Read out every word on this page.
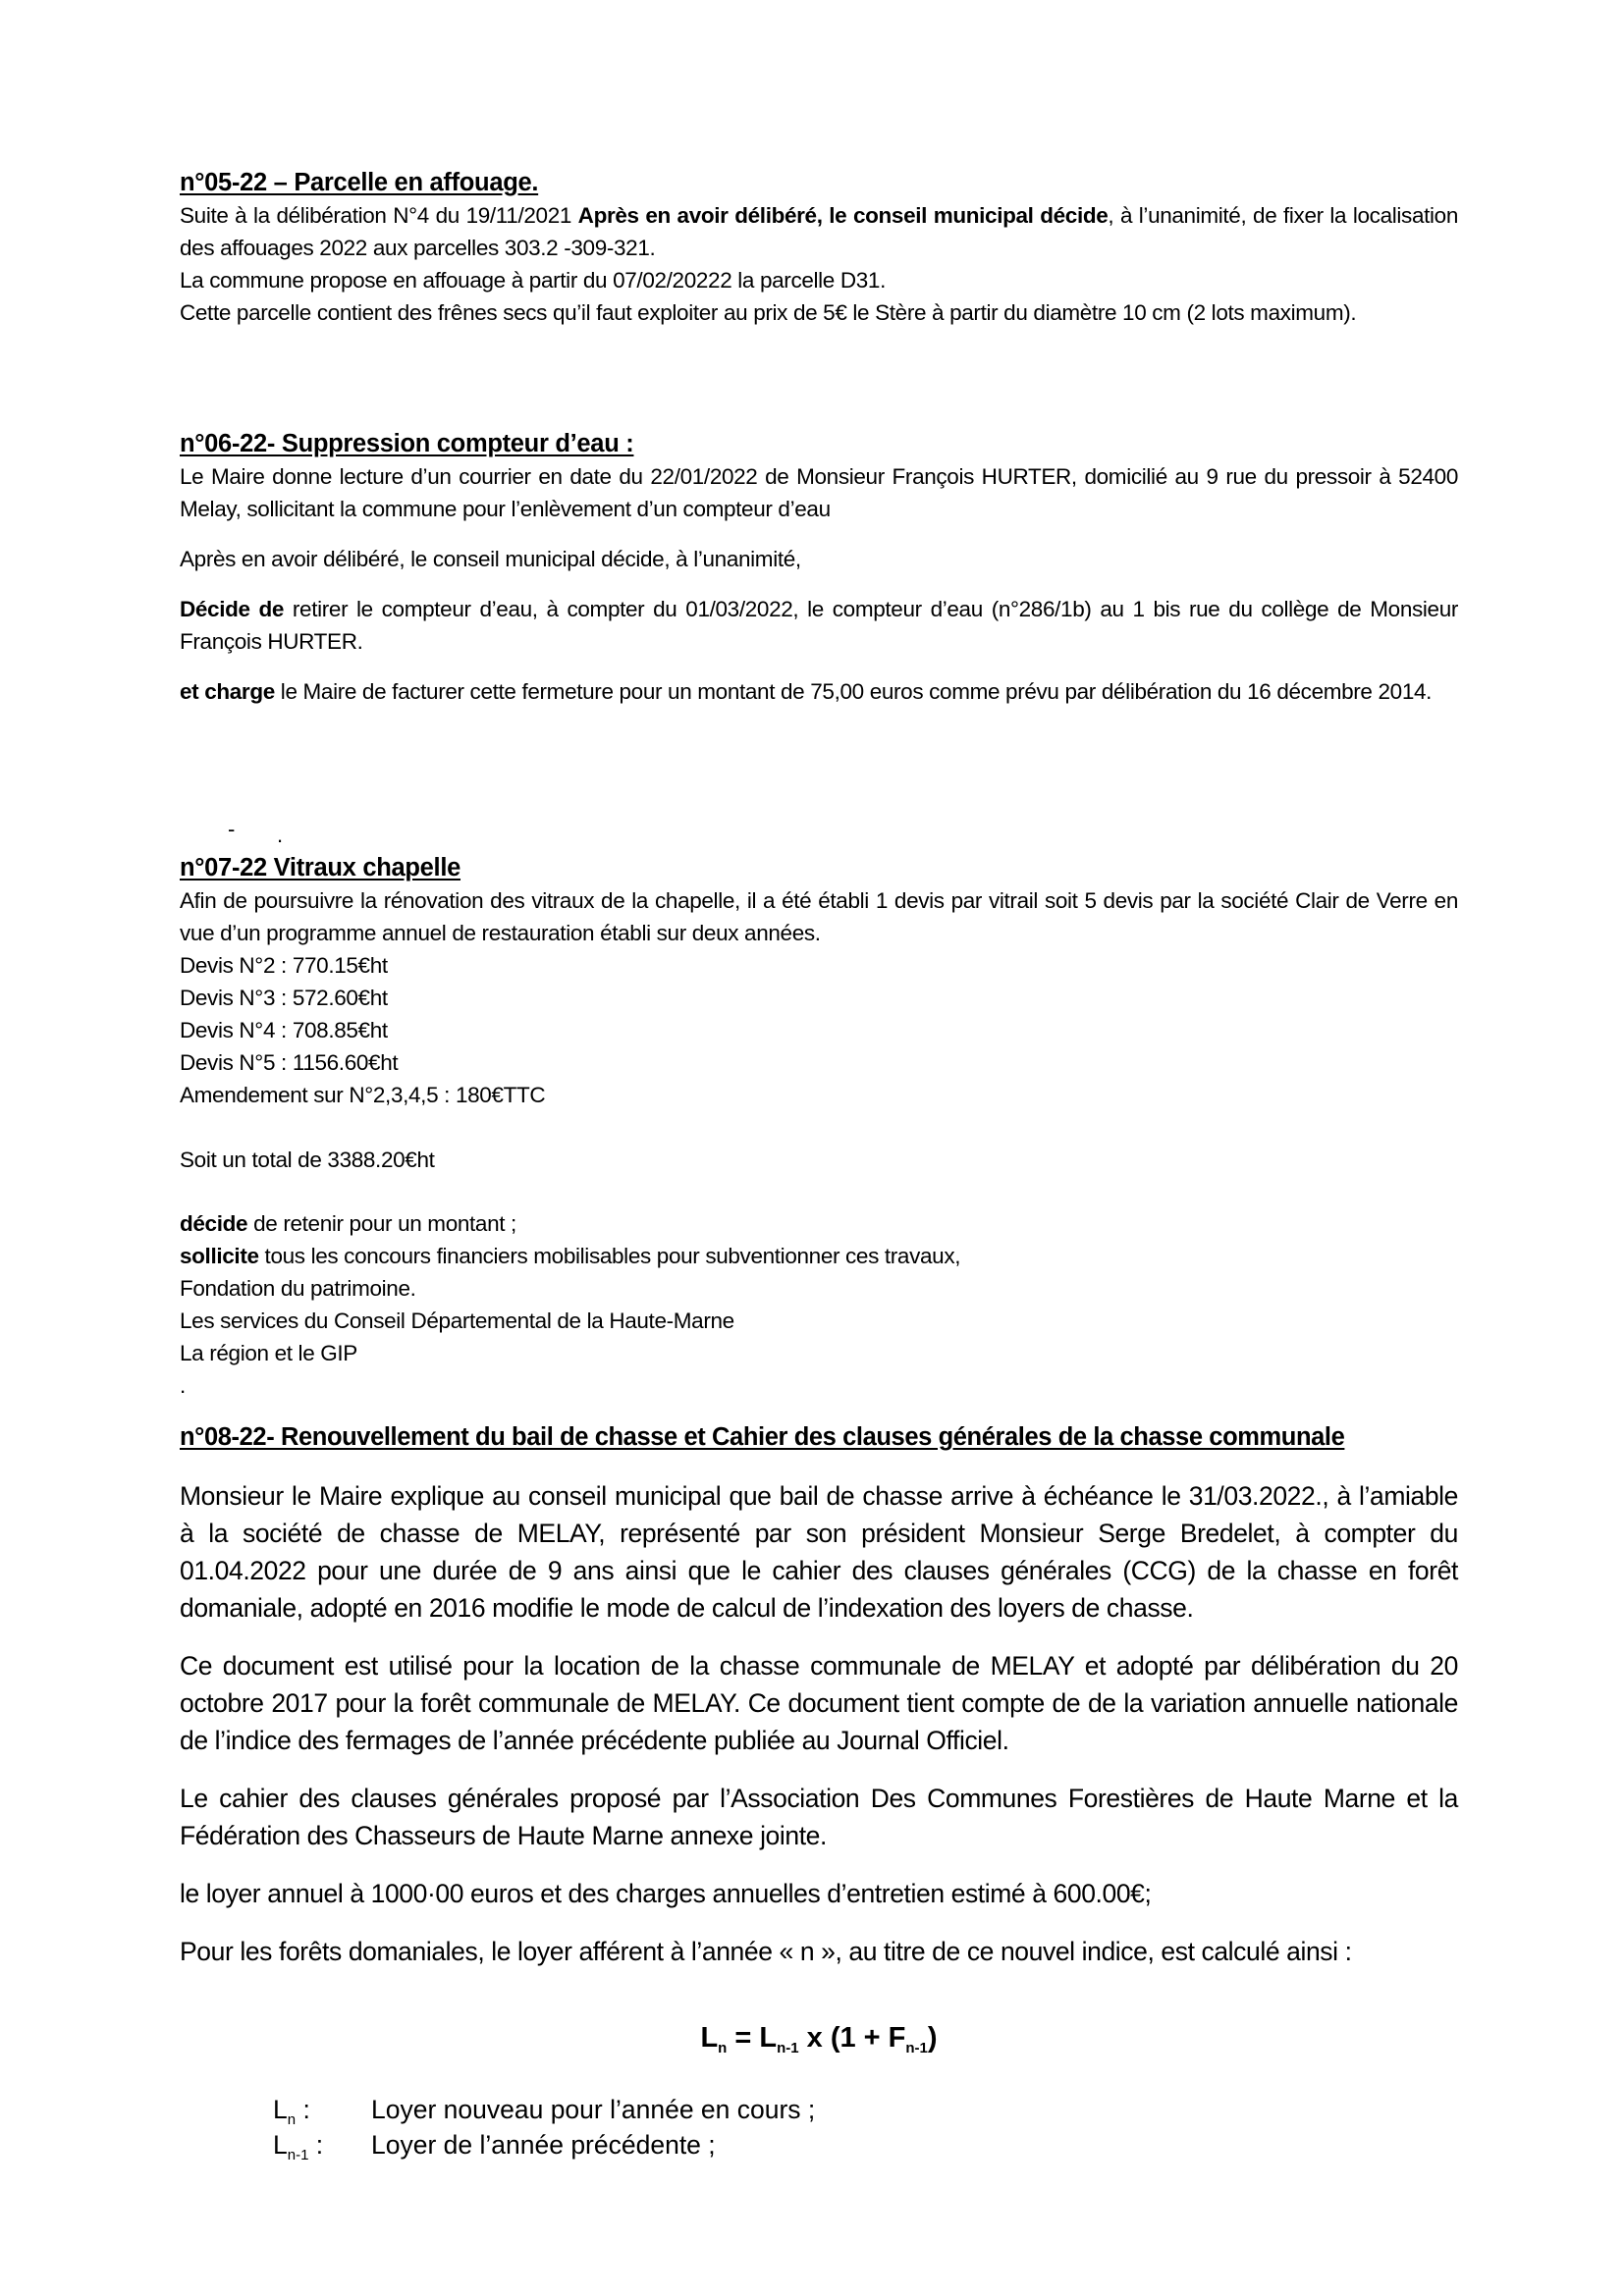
n°05-22 – Parcelle en affouage.

Suite à la délibération N°4 du 19/11/2021 Après en avoir délibéré, le conseil municipal décide, à l’unanimité, de fixer la localisation des affouages 2022 aux parcelles 303.2 -309-321.

La commune propose en affouage à partir du 07/02/20222 la parcelle D31.

Cette parcelle contient des frênes secs qu’il faut exploiter au prix de 5€ le Stère à partir du diamètre 10 cm (2 lots maximum).

n°06-22- Suppression compteur d’eau :

Le Maire donne lecture d’un courrier en date du 22/01/2022 de Monsieur François HURTER, domicilié au 9 rue du pressoir à 52400 Melay, sollicitant la commune pour l’enlèvement d’un compteur d’eau

Après en avoir délibéré, le conseil municipal décide, à l’unanimité,

Décide de retirer le compteur d’eau, à compter du 01/03/2022, le compteur d’eau (n°286/1b) au 1 bis rue du collège de Monsieur François HURTER.

et charge le Maire de facturer cette fermeture pour un montant de 75,00 euros comme prévu par délibération du 16 décembre 2014.

- .
n°07-22 Vitraux chapelle

Afin de poursuivre la rénovation des vitraux de la chapelle, il a été établi 1 devis par vitrail soit 5 devis par la société Clair de Verre en vue d’un programme annuel de restauration établi sur deux années.

Devis N°2 : 770.15€ht

Devis N°3 : 572.60€ht

Devis N°4 : 708.85€ht

Devis N°5 : 1156.60€ht

Amendement sur N°2,3,4,5 : 180€TTC

Soit un total de 3388.20€ht

décide de retenir pour un montant ;

sollicite tous les concours financiers mobilisables pour subventionner ces travaux,

Fondation du patrimoine.

Les services du Conseil Départemental de la Haute-Marne

La région et le GIP

.

n°08-22- Renouvellement du bail de chasse et Cahier des clauses générales de la chasse communale

Monsieur le Maire explique au conseil municipal que bail de chasse arrive à échéance le 31/03.2022., à l’amiable à la société de chasse de MELAY, représenté par son président Monsieur Serge Bredelet, à compter du 01.04.2022 pour une durée de 9 ans ainsi que le cahier des clauses générales (CCG) de la chasse en forêt domaniale, adopté en 2016 modifie le mode de calcul de l’indexation des loyers de chasse.

Ce document est utilisé pour la location de la chasse communale de MELAY et adopté par délibération du 20 octobre 2017 pour la forêt communale de MELAY. Ce document tient compte de de la variation annuelle nationale de l’indice des fermages de l’année précédente publiée au Journal Officiel.

Le cahier des clauses générales proposé par l’Association Des Communes Forestières de Haute Marne et la Fédération des Chasseurs de Haute Marne annexe jointe.

le loyer annuel à 1000·00 euros et des charges annuelles d’entretien estimé à 600.00€;

Pour les forêts domaniales, le loyer afférent à l’année « n », au titre de ce nouvel indice, est calculé ainsi :

$L_n = L_{n-1}$ x $(1 + F_{n-1})$
$L_n$ : Loyer nouveau pour l’année en cours ;
$L_{n-1}$ : Loyer de l’année précédente ;
